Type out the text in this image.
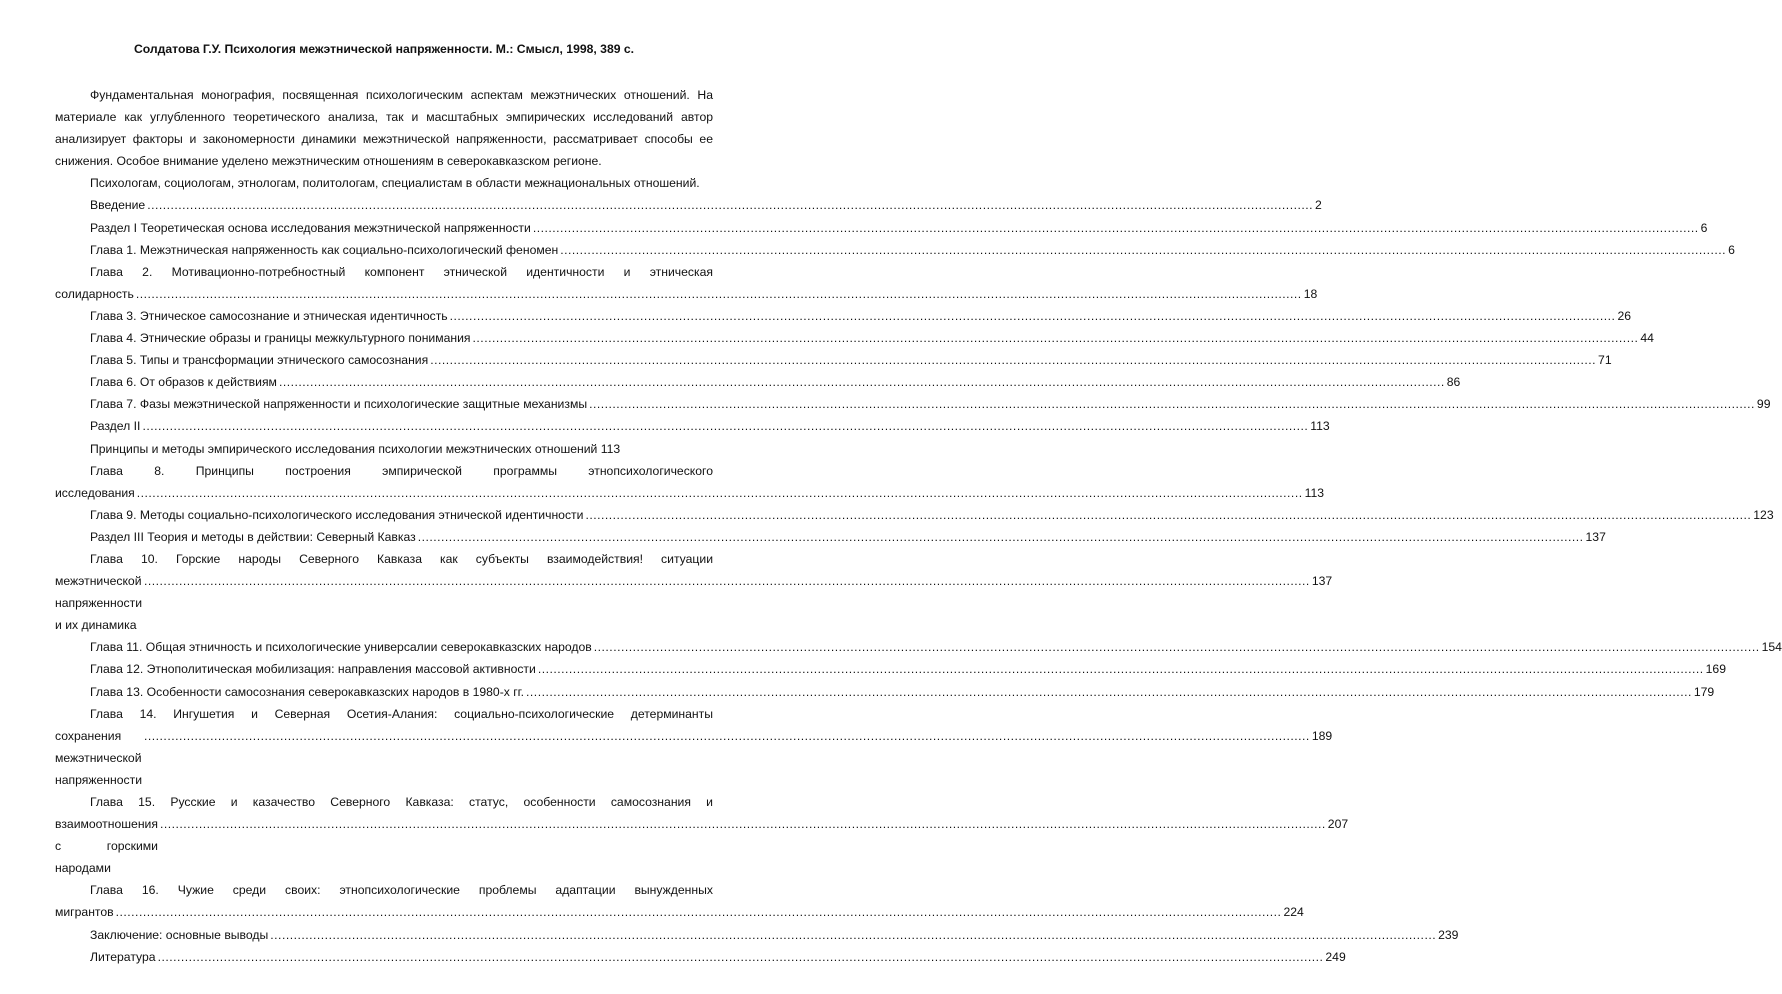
Солдатова Г.У. Психология межэтнической напряженности. М.: Смысл, 1998, 389 с.

Фундаментальная монография, посвященная психологическим аспектам межэтнических отношений. На материале как углубленного теоретического анализа, так и масштабных эмпирических исследований автор анализирует факторы и закономерности динамики межэтнической напряженности, рассматривает способы ее снижения. Особое внимание уделено межэтническим отношениям в северокавказском регионе.

Психологам, социологам, этнологам, политологам, специалистам в области межнациональных отношений.

Введение ............................................................................................................................................................................................................................................................................................................ 2
Раздел I Теоретическая основа исследования межэтнической напряженности ............................................................................................................................................................................................................................................................................................................ 6
Глава 1. Межэтническая напряженность как социально-психологический феномен ............................................................................................................................................................................................................................................................................................................ 6
Глава 2. Мотивационно-потребностный компонент этнической идентичности и этническая
солидарность ............................................................................................................................................................................................................................................................................................................ 18
Глава 3. Этническое самосознание и этническая идентичность ............................................................................................................................................................................................................................................................................................................ 26
Глава 4. Этнические образы и границы межкультурного понимания ............................................................................................................................................................................................................................................................................................................ 44
Глава 5. Типы и трансформации этнического самосознания ............................................................................................................................................................................................................................................................................................................ 71
Глава 6. От образов к действиям ............................................................................................................................................................................................................................................................................................................ 86
Глава 7. Фазы межэтнической напряженности и психологические защитные механизмы ............................................................................................................................................................................................................................................................................................................ 99
Раздел II ............................................................................................................................................................................................................................................................................................................ 113
Принципы и методы эмпирического исследования психологии межэтнических отношений 113
Глава 8. Принципы построения эмпирической программы этнопсихологического
исследования ............................................................................................................................................................................................................................................................................................................ 113
Глава 9. Методы социально-психологического исследования этнической идентичности ............................................................................................................................................................................................................................................................................................................ 123
Раздел III Теория и методы в действии: Северный Кавказ ............................................................................................................................................................................................................................................................................................................ 137
Глава 10. Горские народы Северного Кавказа как субъекты взаимодействия! ситуации
межэтнической напряженности и их динамика
............................................................................................................................................................................................................................................................................................................ 137
Глава 11. Общая этничность и психологические универсалии северокавказских народов ............................................................................................................................................................................................................................................................................................................ 154
Глава 12. Этнополитическая мобилизация: направления массовой активности ............................................................................................................................................................................................................................................................................................................ 169
Глава 13. Особенности самосознания северокавказских народов в 1980-х гг. ............................................................................................................................................................................................................................................................................................................ 179
Глава 14. Ингушетия и Северная Осетия-Алания: социально-психологические детерминанты
сохранения межэтнической напряженности
............................................................................................................................................................................................................................................................................................................ 189
Глава 15. Русские и казачество Северного Кавказа: статус, особенности самосознания и
взаимоотношения с горскими народами
............................................................................................................................................................................................................................................................................................................ 207
Глава 16. Чужие среди своих: этнопсихологические проблемы адаптации вынужденных
мигрантов ............................................................................................................................................................................................................................................................................................................ 224
Заключение: основные выводы ............................................................................................................................................................................................................................................................................................................ 239
Литература ............................................................................................................................................................................................................................................................................................................ 249
